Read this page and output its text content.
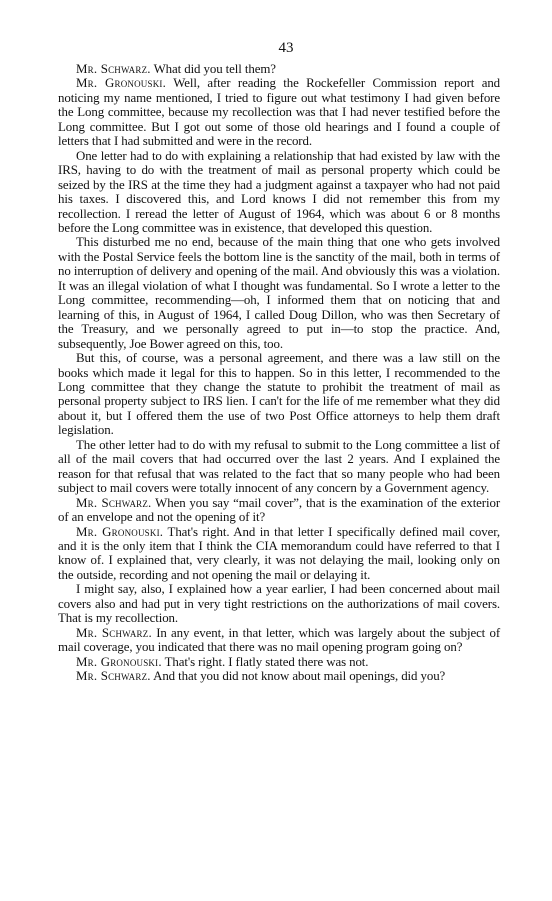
43

Mr. Schwarz. What did you tell them?

Mr. Gronouski. Well, after reading the Rockefeller Commission report and noticing my name mentioned, I tried to figure out what testimony I had given before the Long committee, because my recollection was that I had never testified before the Long committee. But I got out some of those old hearings and I found a couple of letters that I had submitted and were in the record.

One letter had to do with explaining a relationship that had existed by law with the IRS, having to do with the treatment of mail as personal property which could be seized by the IRS at the time they had a judgment against a taxpayer who had not paid his taxes. I discovered this, and Lord knows I did not remember this from my recollection. I reread the letter of August of 1964, which was about 6 or 8 months before the Long committee was in existence, that developed this question.

This disturbed me no end, because of the main thing that one who gets involved with the Postal Service feels the bottom line is the sanctity of the mail, both in terms of no interruption of delivery and opening of the mail. And obviously this was a violation. It was an illegal violation of what I thought was fundamental. So I wrote a letter to the Long committee, recommending—oh, I informed them that on noticing that and learning of this, in August of 1964, I called Doug Dillon, who was then Secretary of the Treasury, and we personally agreed to put in—to stop the practice. And, subsequently, Joe Bower agreed on this, too.

But this, of course, was a personal agreement, and there was a law still on the books which made it legal for this to happen. So in this letter, I recommended to the Long committee that they change the statute to prohibit the treatment of mail as personal property subject to IRS lien. I can't for the life of me remember what they did about it, but I offered them the use of two Post Office attorneys to help them draft legislation.

The other letter had to do with my refusal to submit to the Long committee a list of all of the mail covers that had occurred over the last 2 years. And I explained the reason for that refusal that was related to the fact that so many people who had been subject to mail covers were totally innocent of any concern by a Government agency.

Mr. Schwarz. When you say “mail cover”, that is the examination of the exterior of an envelope and not the opening of it?

Mr. Gronouski. That's right. And in that letter I specifically defined mail cover, and it is the only item that I think the CIA memorandum could have referred to that I know of. I explained that, very clearly, it was not delaying the mail, looking only on the outside, recording and not opening the mail or delaying it.

I might say, also, I explained how a year earlier, I had been concerned about mail covers also and had put in very tight restrictions on the authorizations of mail covers. That is my recollection.

Mr. Schwarz. In any event, in that letter, which was largely about the subject of mail coverage, you indicated that there was no mail opening program going on?

Mr. Gronouski. That's right. I flatly stated there was not.

Mr. Schwarz. And that you did not know about mail openings, did you?
